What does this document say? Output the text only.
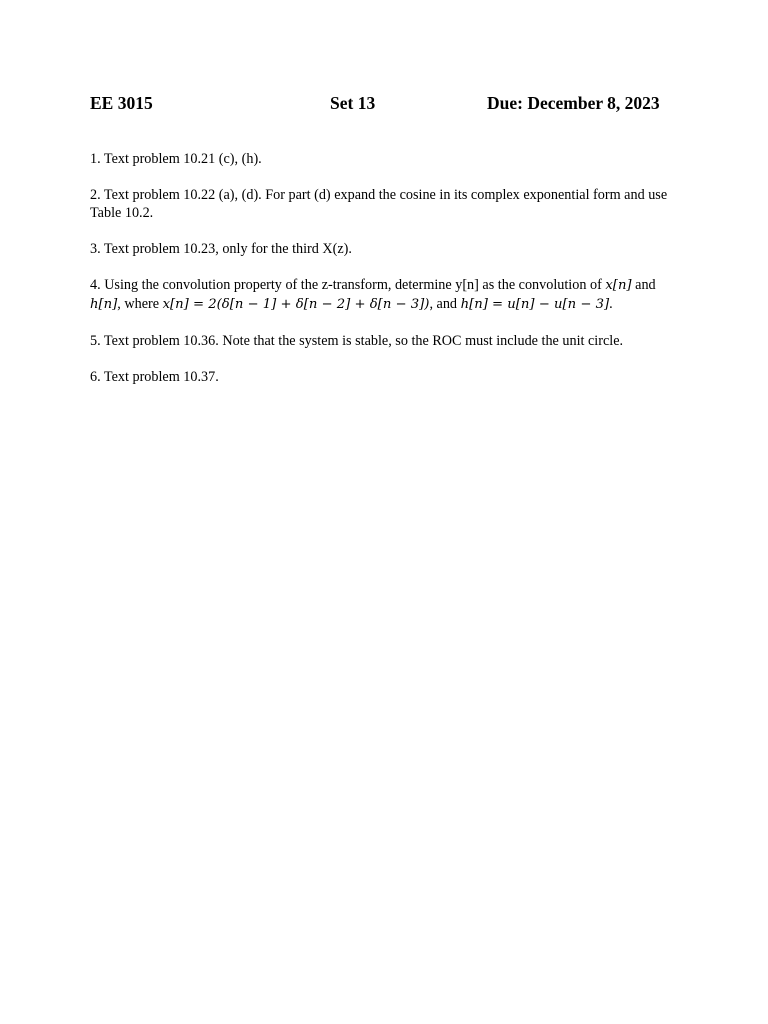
EE 3015	Set 13	Due: December 8, 2023

1. Text problem 10.21 (c), (h).

2. Text problem 10.22 (a), (d). For part (d) expand the cosine in its complex exponential form and use Table 10.2.

3. Text problem 10.23, only for the third X(z).

4. Using the convolution property of the z-transform, determine y[n] as the convolution of x[n] and h[n], where x[n] = 2(δ[n − 1] + δ[n − 2] + δ[n − 3]), and h[n] = u[n] − u[n − 3].

5. Text problem 10.36. Note that the system is stable, so the ROC must include the unit circle.

6. Text problem 10.37.
